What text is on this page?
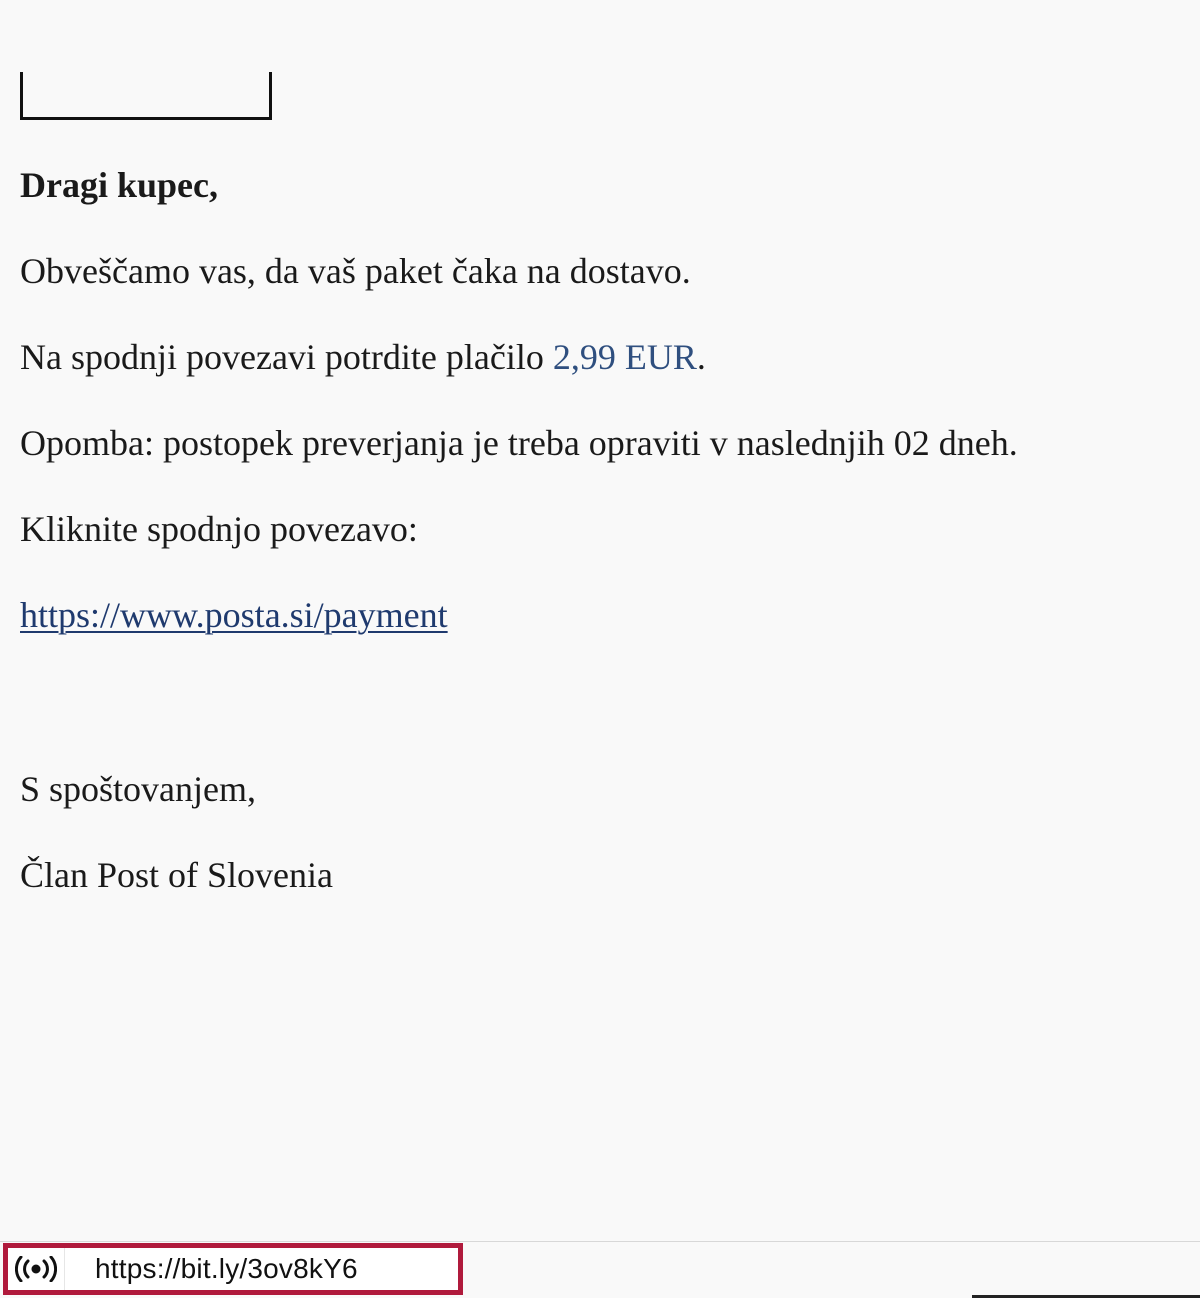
Dragi kupec,
Obveščamo vas, da vaš paket čaka na dostavo.
Na spodnji povezavi potrdite plačilo 2,99 EUR.
Opomba: postopek preverjanja je treba opraviti v naslednjih 02 dneh.
Kliknite spodnjo povezavo:
https://www.posta.si/payment
S spoštovanjem,
Član Post of Slovenia
https://bit.ly/3ov8kY6
